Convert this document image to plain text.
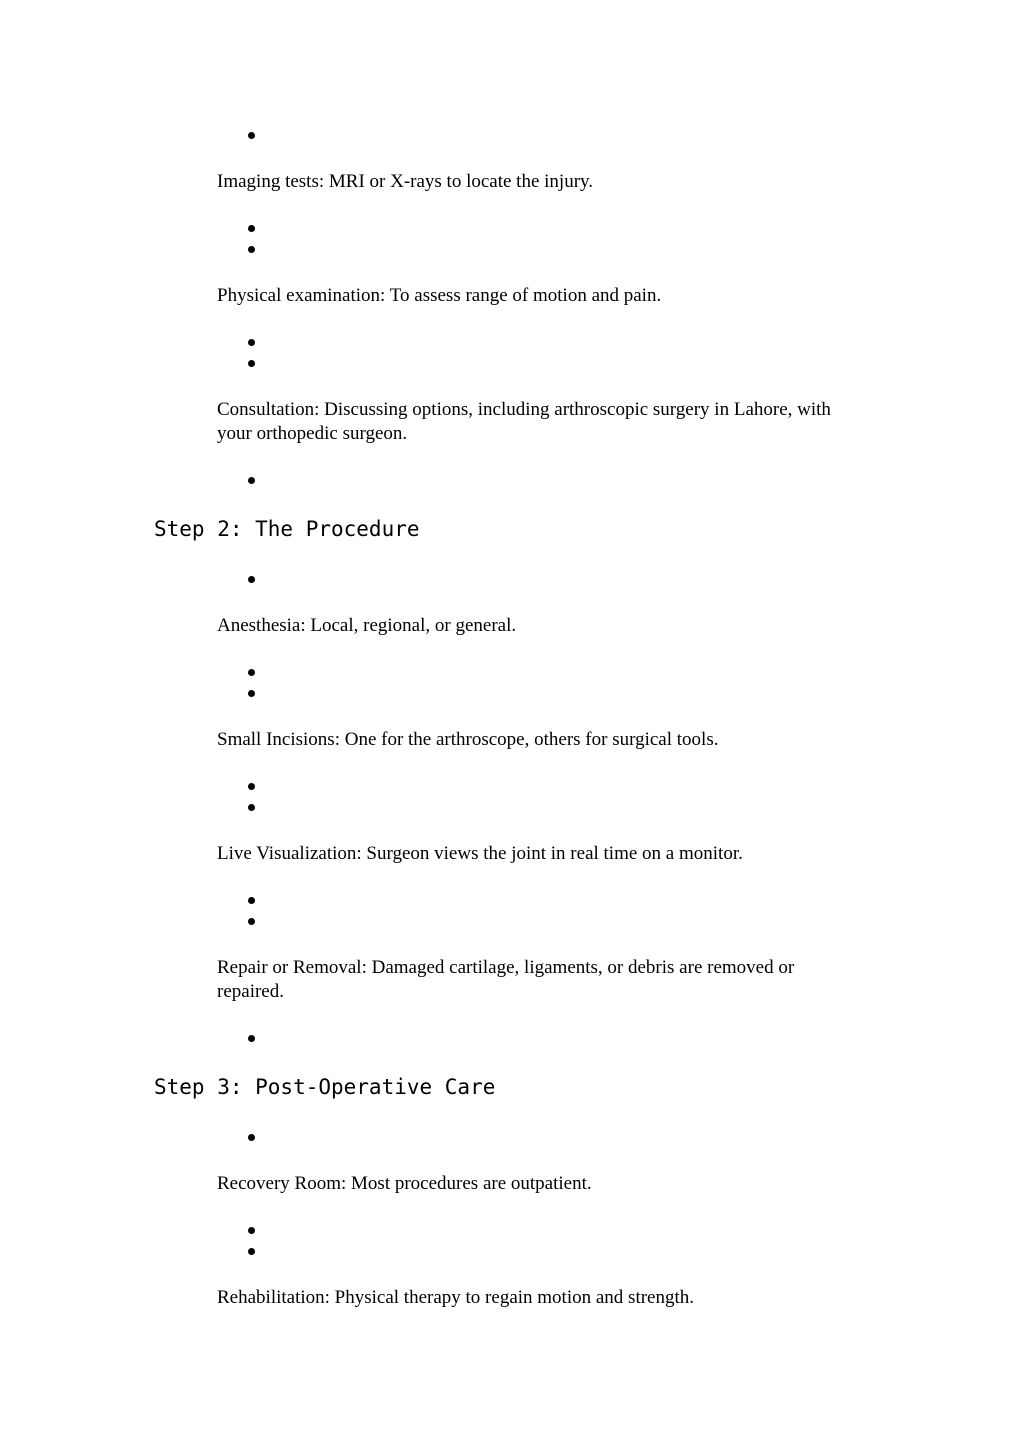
Imaging tests: MRI or X-rays to locate the injury.

Physical examination: To assess range of motion and pain.

Consultation: Discussing options, including arthroscopic surgery in Lahore, with your orthopedic surgeon.

Step 2: The Procedure

Anesthesia: Local, regional, or general.

Small Incisions: One for the arthroscope, others for surgical tools.

Live Visualization: Surgeon views the joint in real time on a monitor.

Repair or Removal: Damaged cartilage, ligaments, or debris are removed or repaired.

Step 3: Post-Operative Care

Recovery Room: Most procedures are outpatient.

Rehabilitation: Physical therapy to regain motion and strength.
